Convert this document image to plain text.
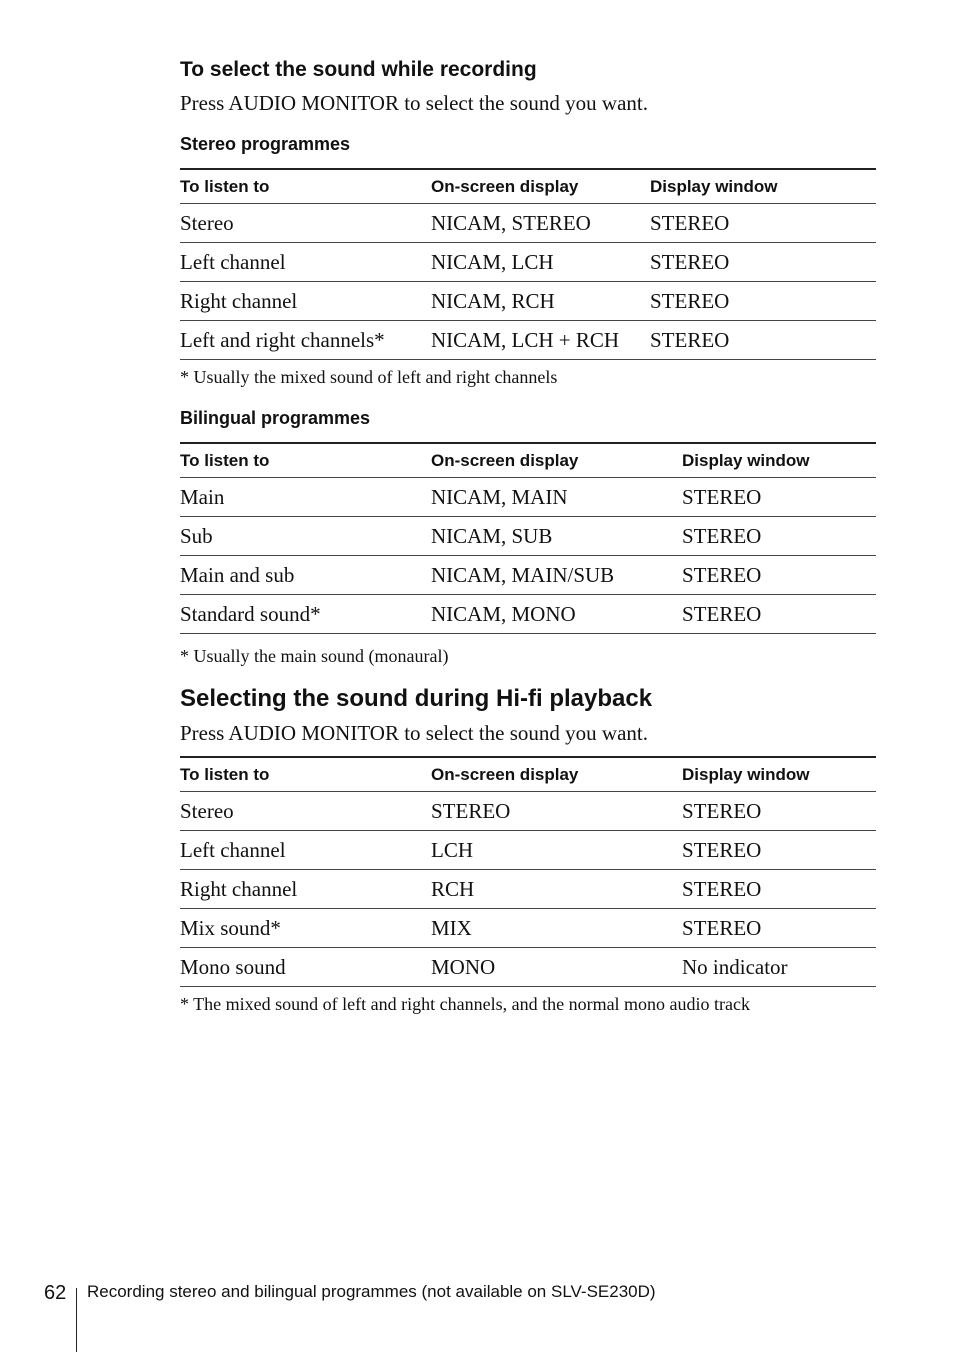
To select the sound while recording

Press AUDIO MONITOR to select the sound you want.

Stereo programmes

To listen to	On-screen display	Display window
Stereo	NICAM, STEREO	STEREO
Left channel	NICAM, LCH	STEREO
Right channel	NICAM, RCH	STEREO
Left and right channels*	NICAM, LCH + RCH	STEREO

* Usually the mixed sound of left and right channels

Bilingual programmes

To listen to	On-screen display	Display window
Main	NICAM, MAIN	STEREO
Sub	NICAM, SUB	STEREO
Main and sub	NICAM, MAIN/SUB	STEREO
Standard sound*	NICAM, MONO	STEREO

* Usually the main sound (monaural)

Selecting the sound during Hi-fi playback

Press AUDIO MONITOR to select the sound you want.

To listen to	On-screen display	Display window
Stereo	STEREO	STEREO
Left channel	LCH	STEREO
Right channel	RCH	STEREO
Mix sound*	MIX	STEREO
Mono sound	MONO	No indicator

* The mixed sound of left and right channels, and the normal mono audio track

62 Recording stereo and bilingual programmes (not available on SLV-SE230D)
